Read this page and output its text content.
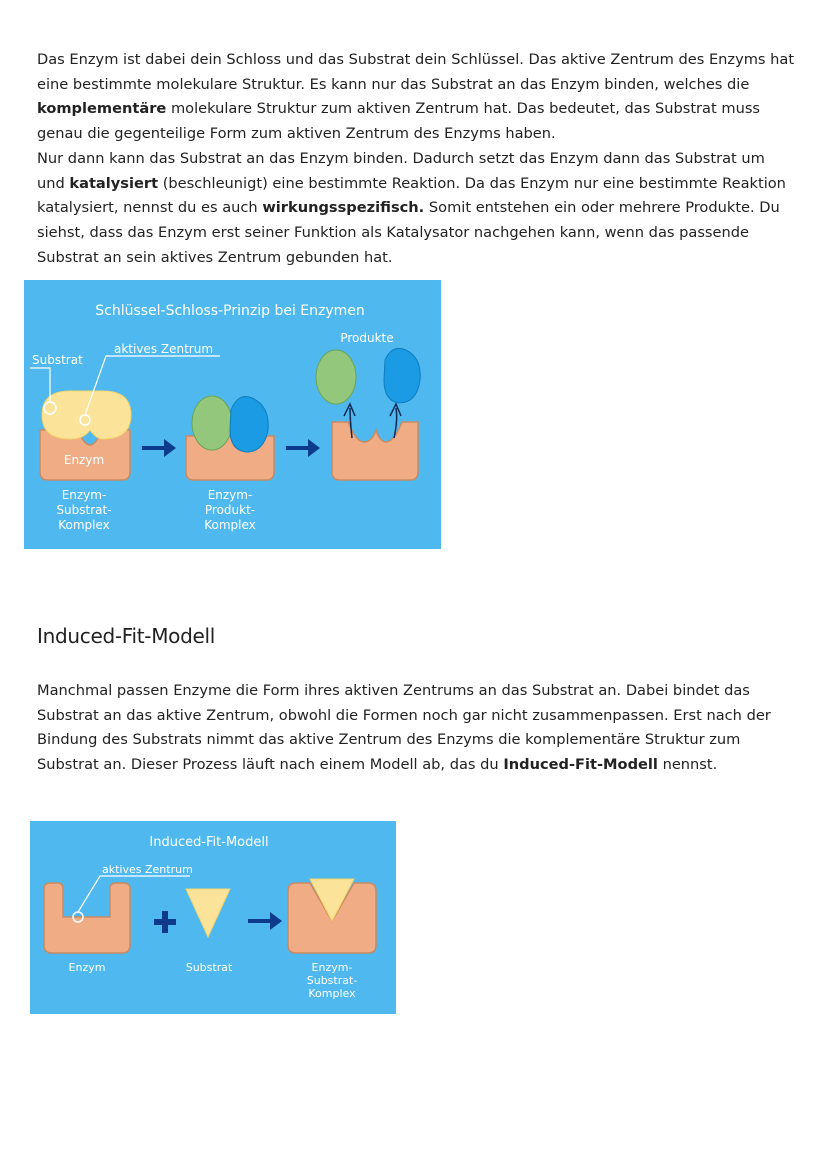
Das Enzym ist dabei dein Schloss und das Substrat dein Schlüssel. Das aktive Zentrum des Enzyms hat eine bestimmte molekulare Struktur. Es kann nur das Substrat an das Enzym binden, welches die komplementäre molekulare Struktur zum aktiven Zentrum hat. Das bedeutet, das Substrat muss genau die gegenteilige Form zum aktiven Zentrum des Enzyms haben.
Nur dann kann das Substrat an das Enzym binden. Dadurch setzt das Enzym dann das Substrat um und katalysiert (beschleunigt) eine bestimmte Reaktion. Da das Enzym nur eine bestimmte Reaktion katalysiert, nennst du es auch wirkungsspezifisch. Somit entstehen ein oder mehrere Produkte. Du siehst, dass das Enzym erst seiner Funktion als Katalysator nachgehen kann, wenn das passende Substrat an sein aktives Zentrum gebunden hat.

Schlüssel-Schloss-Prinzip bei Enzymen
Substrat
aktives Zentrum
Enzym
Produkte
Enzym-
Substrat-
Komplex
Enzym-
Produkt-
Komplex
Induced-Fit-Modell

Manchmal passen Enzyme die Form ihres aktiven Zentrums an das Substrat an. Dabei bindet das Substrat an das aktive Zentrum, obwohl die Formen noch gar nicht zusammenpassen. Erst nach der Bindung des Substrats nimmt das aktive Zentrum des Enzyms die komplementäre Struktur zum Substrat an. Dieser Prozess läuft nach einem Modell ab, das du Induced-Fit-Modell nennst.

Induced-Fit-Modell
aktives Zentrum
Enzym	Substrat	Enzym-
Substrat-
Komplex
